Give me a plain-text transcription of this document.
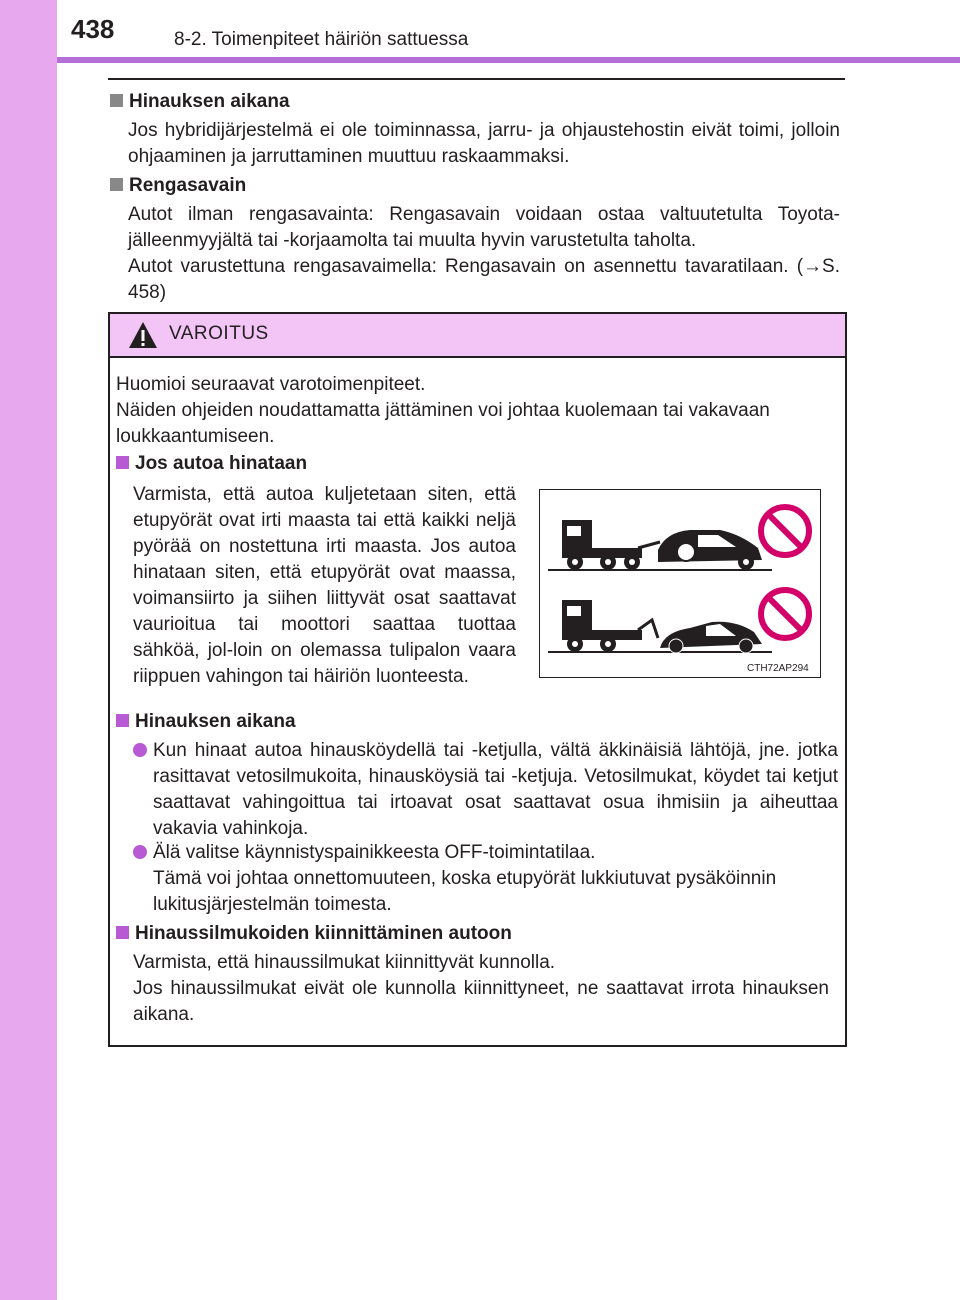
438	8-2. Toimenpiteet häiriön sattuessa
Hinauksen aikana

Jos hybridijärjestelmä ei ole toiminnassa, jarru- ja ohjaustehostin eivät toimi, jolloin ohjaaminen ja jarruttaminen muuttuu raskaammaksi.

Rengasavain

Autot ilman rengasavainta: Rengasavain voidaan ostaa valtuutetulta Toyota-jälleenmyyjältä tai -korjaamolta tai muulta hyvin varustetulta taholta.

Autot varustettuna rengasavaimella: Rengasavain on asennettu tavaratilaan. (→S. 458)

VAROITUS

Huomioi seuraavat varotoimenpiteet.

Näiden ohjeiden noudattamatta jättäminen voi johtaa kuolemaan tai vakavaan loukkaantumiseen.

Jos autoa hinataan

Varmista, että autoa kuljetetaan siten, että etupyörät ovat irti maasta tai että kaikki neljä pyörää on nostettuna irti maasta. Jos autoa hinataan siten, että etupyörät ovat maassa, voimansiirto ja siihen liittyvät osat saattavat vaurioitua tai moottori saattaa tuottaa sähköä, jol-loin on olemassa tulipalon vaara riippuen vahingon tai häiriön luonteesta.	CTH72AP294
Hinauksen aikana

Kun hinaat autoa hinausköydellä tai -ketjulla, vältä äkkinäisiä lähtöjä, jne. jotka rasittavat vetosilmukoita, hinausköysiä tai -ketjuja. Vetosilmukat, köydet tai ketjut saattavat vahingoittua tai irtoavat osat saattavat osua ihmisiin ja aiheuttaa vakavia vahinkoja.

Älä valitse käynnistyspainikkeesta OFF-toimintatilaa.

Tämä voi johtaa onnettomuuteen, koska etupyörät lukkiutuvat pysäköinnin lukitusjärjestelmän toimesta.

Hinaussilmukoiden kiinnittäminen autoon

Varmista, että hinaussilmukat kiinnittyvät kunnolla.

Jos hinaussilmukat eivät ole kunnolla kiinnittyneet, ne saattavat irrota hinauksen aikana.
